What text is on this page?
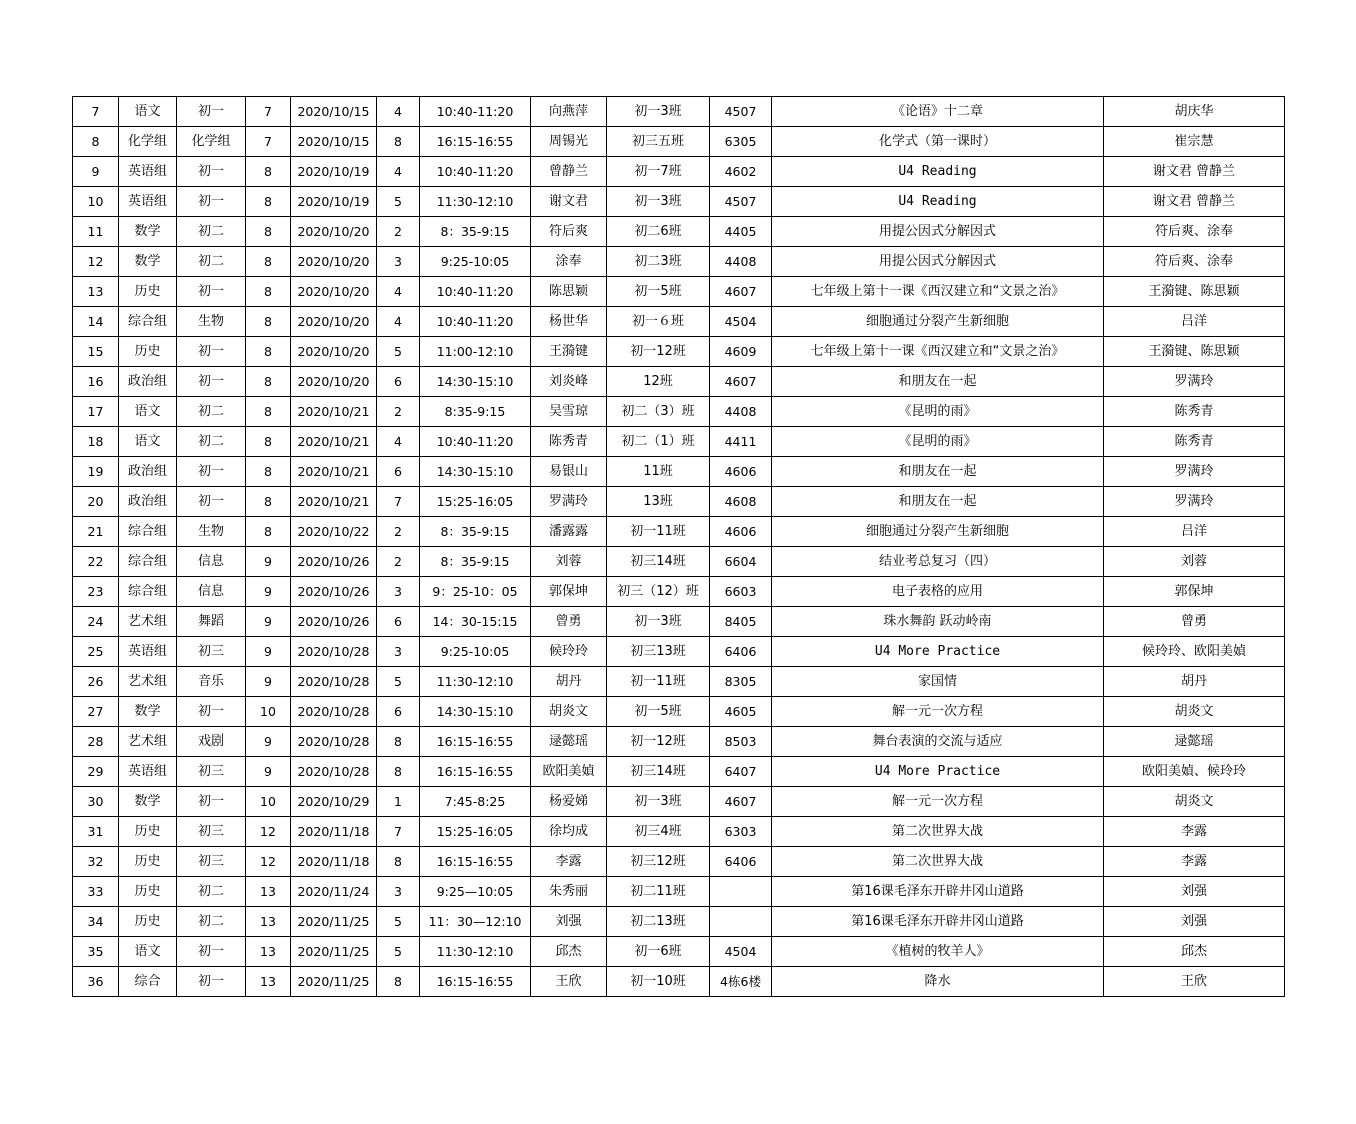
7	语文	初一	7	2020/10/15	4	10:40-11:20	向燕萍	初一3班	4507	《论语》十二章	胡庆华
8	化学组	化学组	7	2020/10/15	8	16:15-16:55	周锡光	初三五班	6305	化学式（第一课时）	崔宗慧
9	英语组	初一	8	2020/10/19	4	10:40-11:20	曾静兰	初一7班	4602	U4 Reading	谢文君 曾静兰
10	英语组	初一	8	2020/10/19	5	11:30-12:10	谢文君	初一3班	4507	U4 Reading	谢文君 曾静兰
11	数学	初二	8	2020/10/20	2	8：35-9:15	符后爽	初二6班	4405	用提公因式分解因式	符后爽、涂奉
12	数学	初二	8	2020/10/20	3	9:25-10:05	涂奉	初二3班	4408	用提公因式分解因式	符后爽、涂奉
13	历史	初一	8	2020/10/20	4	10:40-11:20	陈思颖	初一5班	4607	七年级上第十一课《西汉建立和“文景之治》	王漪键、陈思颖
14	综合组	生物	8	2020/10/20	4	10:40-11:20	杨世华	初一６班	4504	细胞通过分裂产生新细胞	吕洋
15	历史	初一	8	2020/10/20	5	11:00-12:10	王漪键	初一12班	4609	七年级上第十一课《西汉建立和“文景之治》	王漪键、陈思颖
16	政治组	初一	8	2020/10/20	6	14:30-15:10	刘炎峰	12班	4607	和朋友在一起	罗满玲
17	语文	初二	8	2020/10/21	2	8:35-9:15	吴雪琼	初二（3）班	4408	《昆明的雨》	陈秀青
18	语文	初二	8	2020/10/21	4	10:40-11:20	陈秀青	初二（1）班	4411	《昆明的雨》	陈秀青
19	政治组	初一	8	2020/10/21	6	14:30-15:10	易银山	11班	4606	和朋友在一起	罗满玲
20	政治组	初一	8	2020/10/21	7	15:25-16:05	罗满玲	13班	4608	和朋友在一起	罗满玲
21	综合组	生物	8	2020/10/22	2	8：35-9:15	潘露露	初一11班	4606	细胞通过分裂产生新细胞	吕洋
22	综合组	信息	9	2020/10/26	2	8：35-9:15	刘蓉	初三14班	6604	结业考总复习（四）	刘蓉
23	综合组	信息	9	2020/10/26	3	9：25-10：05	郭保坤	初三（12）班	6603	电子表格的应用	郭保坤
24	艺术组	舞蹈	9	2020/10/26	6	14：30-15:15	曾勇	初一3班	8405	珠水舞韵 跃动岭南	曾勇
25	英语组	初三	9	2020/10/28	3	9:25-10:05	候玲玲	初三13班	6406	U4 More Practice	候玲玲、欧阳美媜
26	艺术组	音乐	9	2020/10/28	5	11:30-12:10	胡丹	初一11班	8305	家国情	胡丹
27	数学	初一	10	2020/10/28	6	14:30-15:10	胡炎文	初一5班	4605	解一元一次方程	胡炎文
28	艺术组	戏剧	9	2020/10/28	8	16:15-16:55	逯懿瑶	初一12班	8503	舞台表演的交流与适应	逯懿瑶
29	英语组	初三	9	2020/10/28	8	16:15-16:55	欧阳美媜	初三14班	6407	U4 More Practice	欧阳美媜、候玲玲
30	数学	初一	10	2020/10/29	1	7:45-8:25	杨爱娣	初一3班	4607	解一元一次方程	胡炎文
31	历史	初三	12	2020/11/18	7	15:25-16:05	徐均成	初三4班	6303	第二次世界大战	李露
32	历史	初三	12	2020/11/18	8	16:15-16:55	李露	初三12班	6406	第二次世界大战	李露
33	历史	初二	13	2020/11/24	3	9:25—10:05	朱秀丽	初二11班		第16课毛泽东开辟井冈山道路	刘强
34	历史	初二	13	2020/11/25	5	11：30—12:10	刘强	初二13班		第16课毛泽东开辟井冈山道路	刘强
35	语文	初一	13	2020/11/25	5	11:30-12:10	邱杰	初一6班	4504	《植树的牧羊人》	邱杰
36	综合	初一	13	2020/11/25	8	16:15-16:55	王欣	初一10班	4栋6楼	降水	王欣
